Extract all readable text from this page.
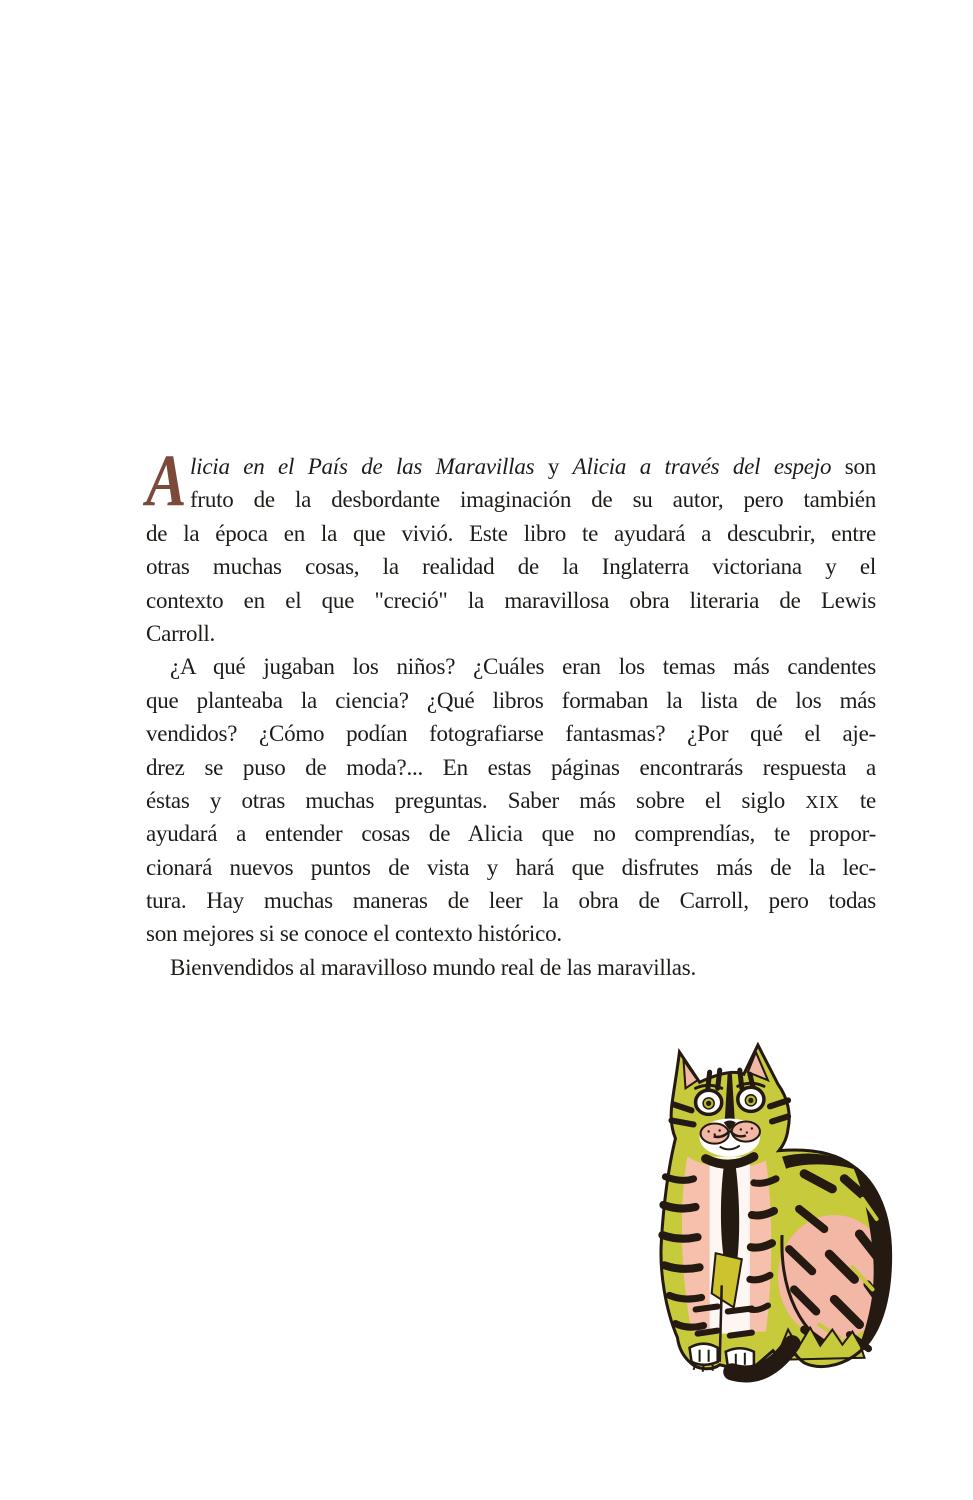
A licia en el País de las Maravillas y Alicia a través del espejo son
fruto de la desbordante imaginación de su autor, pero también
de la época en la que vivió. Este libro te ayudará a descubrir, entre
otras muchas cosas, la realidad de la Inglaterra victoriana y el
contexto en el que "creció" la maravillosa obra literaria de Lewis
Carroll.
¿A qué jugaban los niños? ¿Cuáles eran los temas más candentes
que planteaba la ciencia? ¿Qué libros formaban la lista de los más
vendidos? ¿Cómo podían fotografiarse fantasmas? ¿Por qué el aje-
drez se puso de moda?... En estas páginas encontrarás respuesta a
éstas y otras muchas preguntas. Saber más sobre el siglo XIX te
ayudará a entender cosas de Alicia que no comprendías, te propor-
cionará nuevos puntos de vista y hará que disfrutes más de la lec-
tura. Hay muchas maneras de leer la obra de Carroll, pero todas
son mejores si se conoce el contexto histórico.
Bienvendidos al maravilloso mundo real de las maravillas.
